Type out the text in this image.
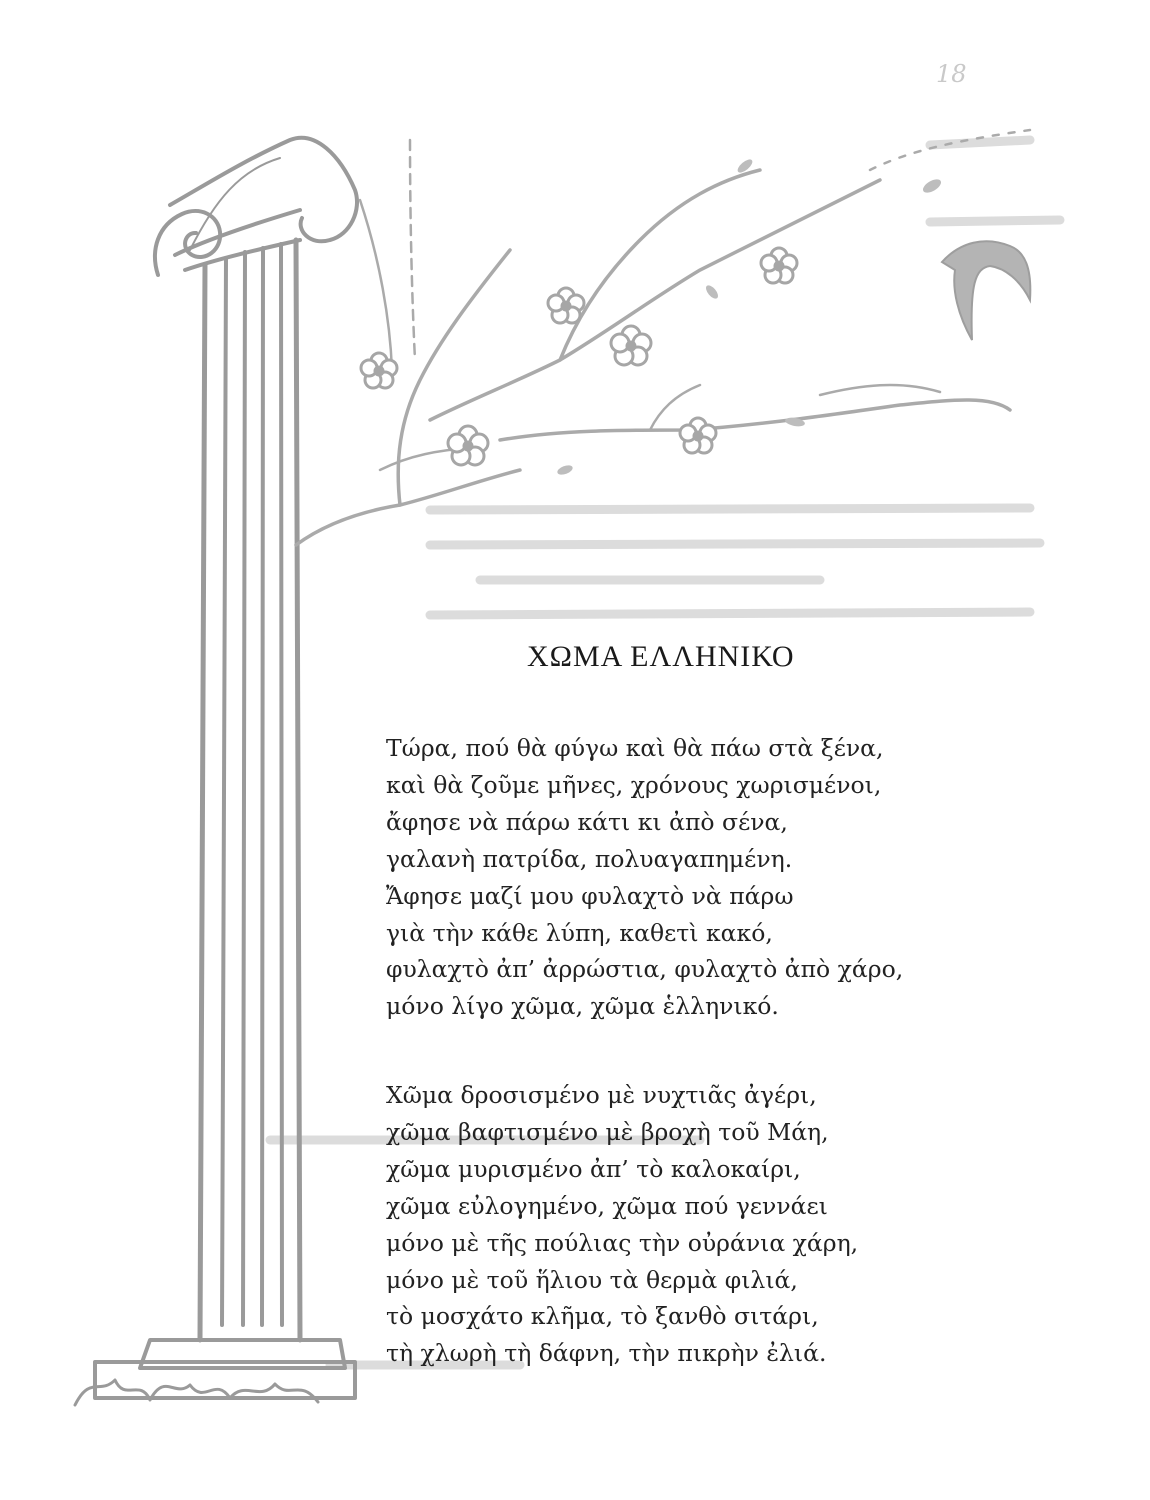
18
ΧΩΜΑ ΕΛΛΗΝΙΚΟ
Τώρα, πού θὰ φύγω καὶ θὰ πάω στὰ ξένα,
καὶ θὰ ζοῦμε μῆνες, χρόνους χωρισμένοι,
ἄφησε νὰ πάρω κάτι κι ἀπὸ σένα,
γαλανὴ πατρίδα, πολυαγαπημένη.
Ἄφησε μαζί μου φυλαχτὸ νὰ πάρω
γιὰ τὴν κάθε λύπη, καθετὶ κακό,
φυλαχτὸ ἀπ’ ἀρρώστια, φυλαχτὸ ἀπὸ χάρο,
μόνο λίγο χῶμα, χῶμα ἑλληνικό.
Χῶμα δροσισμένο μὲ νυχτιᾶς ἀγέρι,
χῶμα βαφτισμένο μὲ βροχὴ τοῦ Μάη,
χῶμα μυρισμένο ἀπ’ τὸ καλοκαίρι,
χῶμα εὐλογημένο, χῶμα πού γεννάει
μόνο μὲ τῆς πούλιας τὴν οὐράνια χάρη,
μόνο μὲ τοῦ ἥλιου τὰ θερμὰ φιλιά,
τὸ μοσχάτο κλῆμα, τὸ ξανθὸ σιτάρι,
τὴ χλωρὴ τὴ δάφνη, τὴν πικρὴν ἐλιά.
